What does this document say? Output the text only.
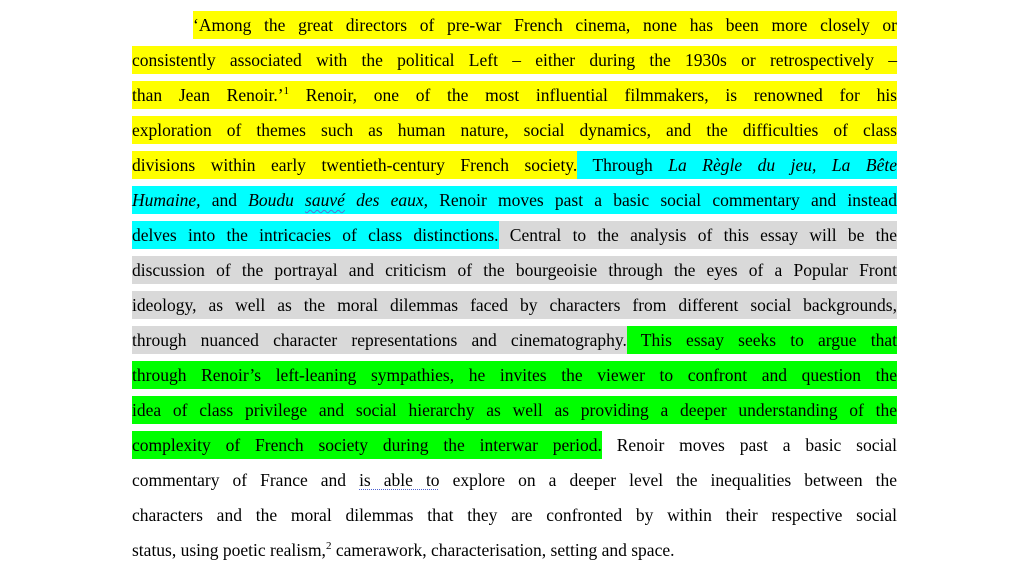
‘Among the great directors of pre-war French cinema, none has been more closely or
consistently associated with the political Left – either during the 1930s or retrospectively –
than Jean Renoir.’$^1$ Renoir, one of the most influential filmmakers, is renowned for his
exploration of themes such as human nature, social dynamics, and the difficulties of class
divisions within early twentieth-century French society. Through La Règle du jeu, La Bête
Humaine, and Boudu sauvé des eaux, Renoir moves past a basic social commentary and instead
delves into the intricacies of class distinctions. Central to the analysis of this essay will be the
discussion of the portrayal and criticism of the bourgeoisie through the eyes of a Popular Front
ideology, as well as the moral dilemmas faced by characters from different social backgrounds,
through nuanced character representations and cinematography. This essay seeks to argue that
through Renoir’s left-leaning sympathies, he invites the viewer to confront and question the
idea of class privilege and social hierarchy as well as providing a deeper understanding of the
complexity of French society during the interwar period. Renoir moves past a basic social
commentary of France and is able to explore on a deeper level the inequalities between the
characters and the moral dilemmas that they are confronted by within their respective social
status, using poetic realism,$^2$ camerawork, characterisation, setting and space.
